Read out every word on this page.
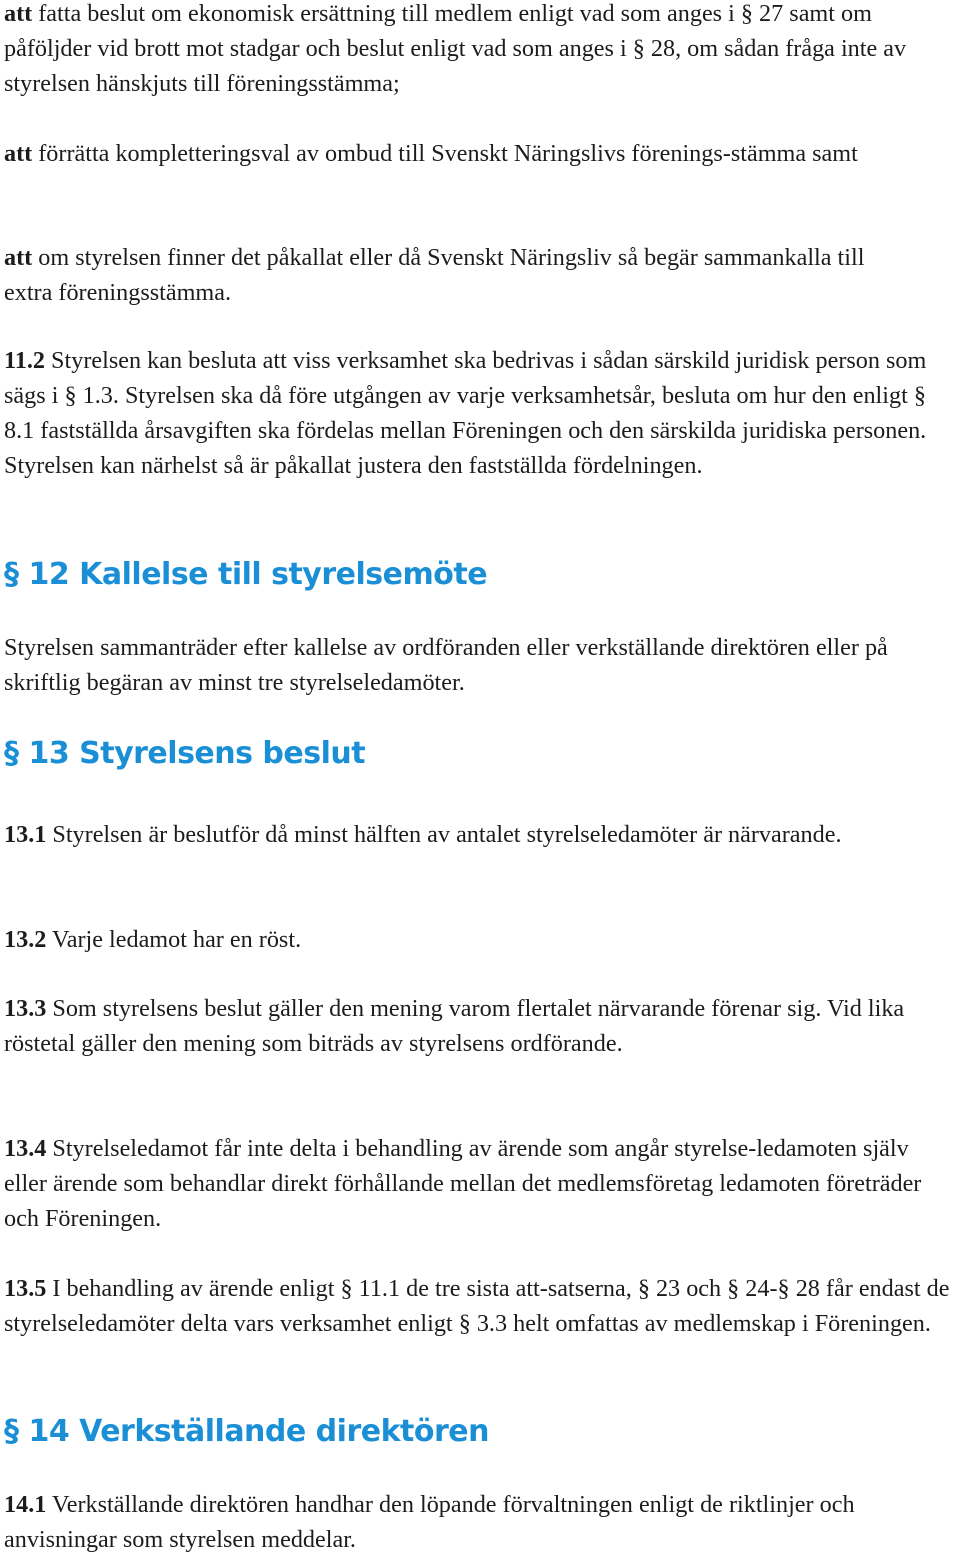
att fatta beslut om ekonomisk ersättning till medlem enligt vad som anges i § 27 samt om påföljder vid brott mot stadgar och beslut enligt vad som anges i § 28, om sådan fråga inte av styrelsen hänskjuts till föreningsstämma;

att förrätta kompletteringsval av ombud till Svenskt Näringslivs förenings-stämma samt

att om styrelsen finner det påkallat eller då Svenskt Näringsliv så begär sammankalla till extra föreningsstämma.

11.2 Styrelsen kan besluta att viss verksamhet ska bedrivas i sådan särskild juridisk person som sägs i § 1.3. Styrelsen ska då före utgången av varje verksamhetsår, besluta om hur den enligt § 8.1 fastställda årsavgiften ska fördelas mellan Föreningen och den särskilda juridiska personen. Styrelsen kan närhelst så är påkallat justera den fastställda fördelningen.

§ 12 Kallelse till styrelsemöte

Styrelsen sammanträder efter kallelse av ordföranden eller verkställande direktören eller på skriftlig begäran av minst tre styrelseledamöter.

§ 13 Styrelsens beslut

13.1 Styrelsen är beslutför då minst hälften av antalet styrelseledamöter är närvarande.

13.2 Varje ledamot har en röst.

13.3 Som styrelsens beslut gäller den mening varom flertalet närvarande förenar sig. Vid lika röstetal gäller den mening som biträds av styrelsens ordförande.

13.4 Styrelseledamot får inte delta i behandling av ärende som angår styrelse-ledamoten själv eller ärende som behandlar direkt förhållande mellan det medlemsföretag ledamoten företräder och Föreningen.

13.5 I behandling av ärende enligt § 11.1 de tre sista att-satserna, § 23 och § 24-§ 28 får endast de styrelseledamöter delta vars verksamhet enligt § 3.3 helt omfattas av medlemskap i Föreningen.

§ 14 Verkställande direktören

14.1 Verkställande direktören handhar den löpande förvaltningen enligt de riktlinjer och anvisningar som styrelsen meddelar.
